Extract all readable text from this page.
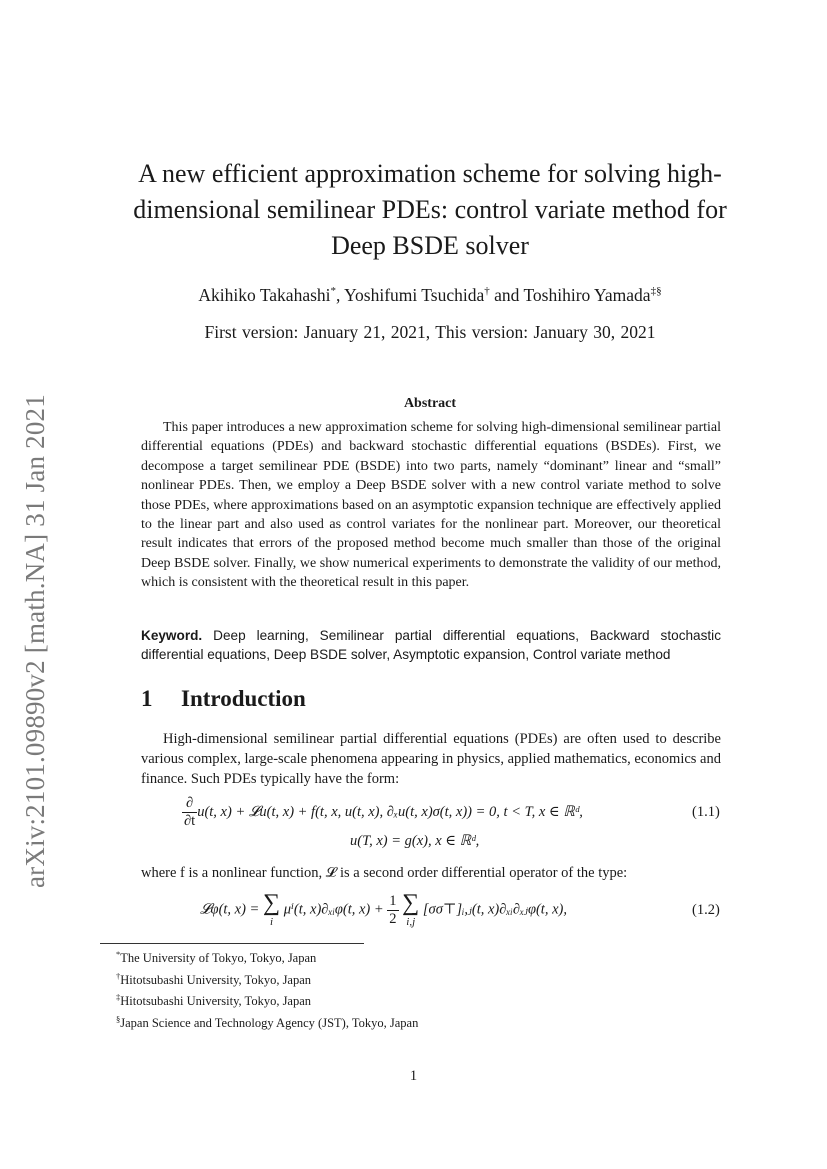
arXiv:2101.09890v2 [math.NA] 31 Jan 2021
A new efficient approximation scheme for solving high-dimensional semilinear PDEs: control variate method for Deep BSDE solver
Akihiko Takahashi*, Yoshifumi Tsuchida† and Toshihiro Yamada‡§
First version: January 21, 2021, This version: January 30, 2021
Abstract

This paper introduces a new approximation scheme for solving high-dimensional semilinear partial differential equations (PDEs) and backward stochastic differential equations (BSDEs). First, we decompose a target semilinear PDE (BSDE) into two parts, namely “dominant” linear and “small” nonlinear PDEs. Then, we employ a Deep BSDE solver with a new control variate method to solve those PDEs, where approximations based on an asymptotic expansion technique are effectively applied to the linear part and also used as control variates for the nonlinear part. Moreover, our theoretical result indicates that errors of the proposed method become much smaller than those of the original Deep BSDE solver. Finally, we show numerical experiments to demonstrate the validity of our method, which is consistent with the theoretical result in this paper.

Keyword. Deep learning, Semilinear partial differential equations, Backward stochastic differential equations, Deep BSDE solver, Asymptotic expansion, Control variate method

1 Introduction

High-dimensional semilinear partial differential equations (PDEs) are often used to describe various complex, large-scale phenomena appearing in physics, applied mathematics, economics and finance. Such PDEs typically have the form:

$\frac{\partial}{\partial t} u(t$, x) + 𝓛u(t, x) + f(t, x, u(t, x), ∂ₓu(t, x)σ(t, x)) = 0, t < T, x ∈ ℝᵈ,	(1.1)
u(T, x) = g(x), x ∈ ℝᵈ,
where f is a nonlinear function, 𝓛 is a second order differential operator of the type:
𝓛φ(t, x) = ∑
i
μⁱ(t, x)∂ₓᵢφ(t, $x) + \frac{1}{2}$
∑
i,j
[σσ⊤]ᵢ,ⱼ(t, x)∂ₓᵢ∂ₓⱼφ(t, x),	(1.2)
*The University of Tokyo, Tokyo, Japan
†Hitotsubashi University, Tokyo, Japan
‡Hitotsubashi University, Tokyo, Japan
§Japan Science and Technology Agency (JST), Tokyo, Japan
1
